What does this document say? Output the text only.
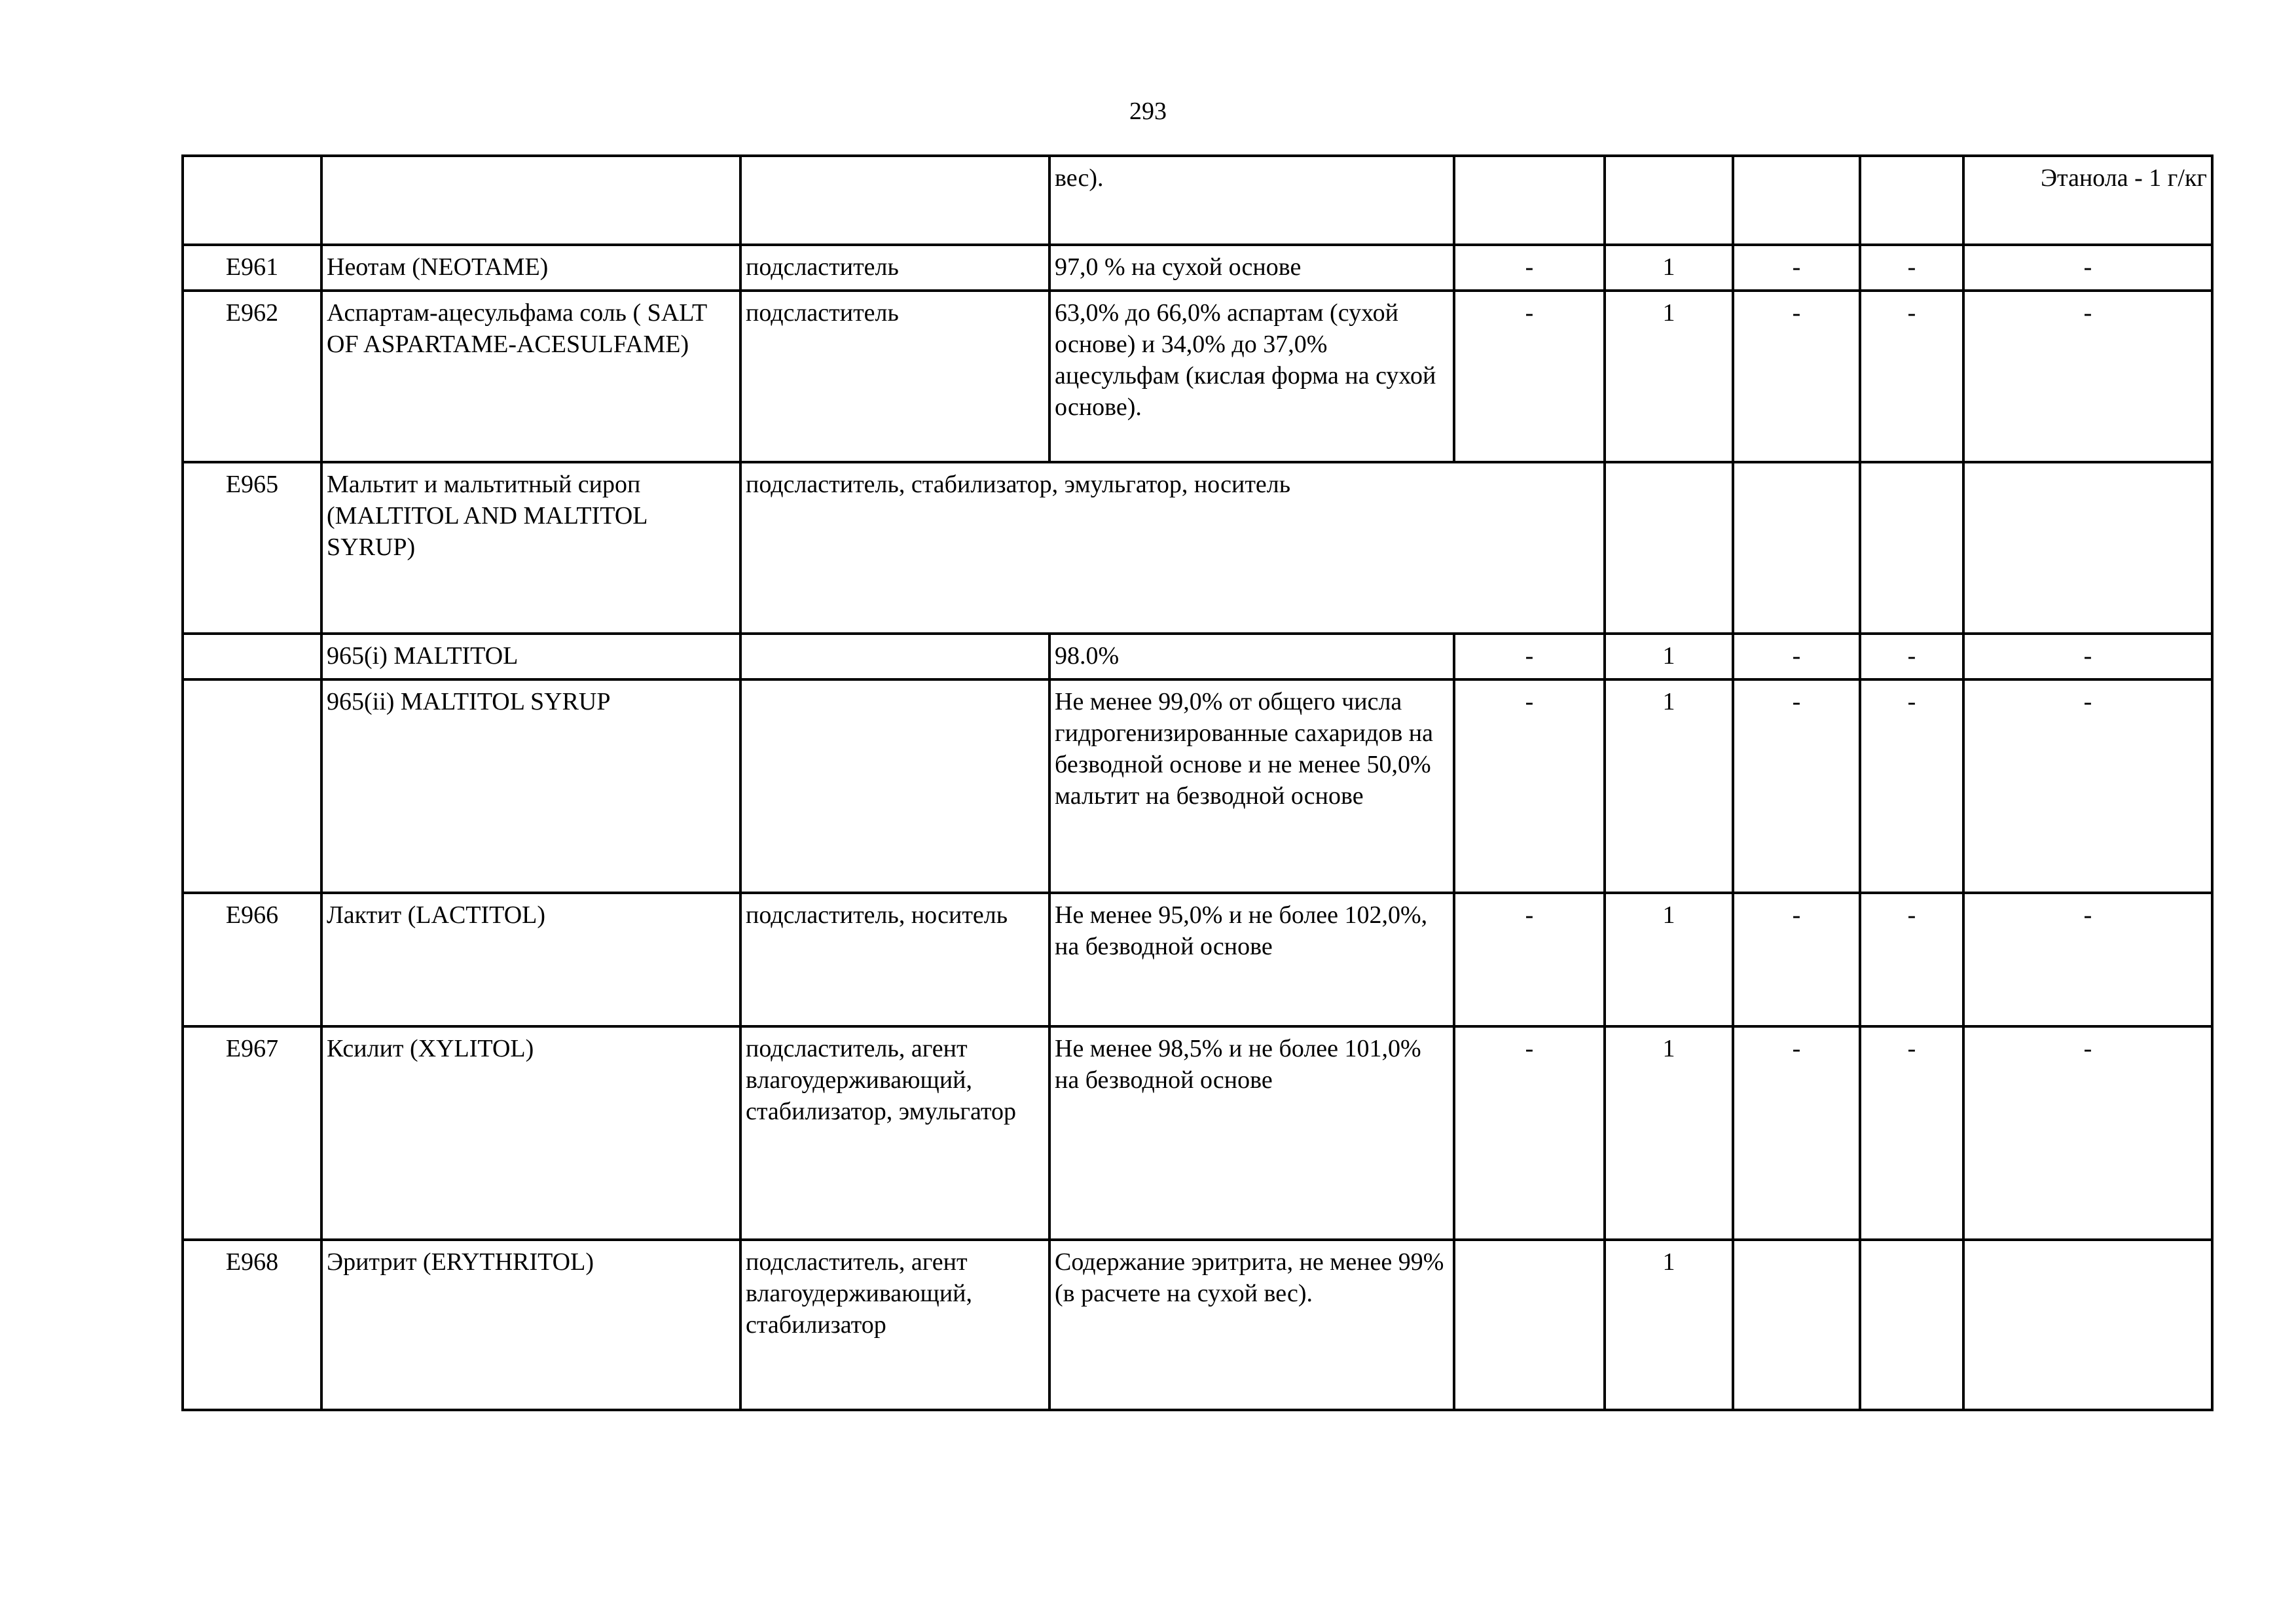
293
			вес).					Этанола - 1 г/кг
E961	Неотам (NEOTAME)	подсластитель	97,0 % на сухой основе	-	1	-	-	-
E962	Аспартам-ацесульфама соль ( SALT OF ASPARTAME-ACESULFAME)	подсластитель	63,0% до 66,0% аспартам (сухой основе) и 34,0% до 37,0% ацесульфам (кислая форма на сухой основе).	-	1	-	-	-
E965	Мальтит и мальтитный сироп (MALTITOL AND MALTITOL SYRUP)	подсластитель, стабилизатор, эмульгатор, носитель						
	965(i) MALTITOL		98.0%	-	1	-	-	-
	965(ii) MALTITOL SYRUP		Не менее 99,0% от общего числа гидрогенизированные сахаридов на безводной основе и не менее 50,0% мальтит на безводной основе	-	1	-	-	-
E966	Лактит (LACTITOL)	подсластитель, носитель	Не менее 95,0% и не более 102,0%, на безводной основе	-	1	-	-	-
E967	Ксилит (XYLITOL)	подсластитель, агент влагоудерживающий, стабилизатор, эмульгатор	Не менее 98,5% и не более 101,0% на безводной основе	-	1	-	-	-
E968	Эритрит (ERYTHRITOL)	подсластитель, агент влагоудерживающий, стабилизатор	Содержание эритрита, не менее 99% (в расчете на сухой вес).		1			
